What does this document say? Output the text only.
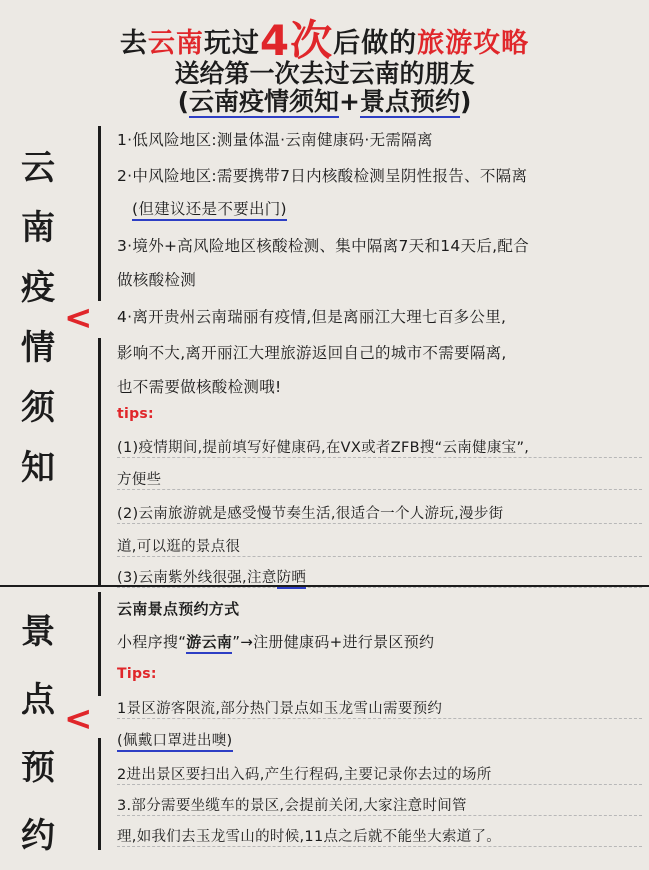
去云南玩过4次后做的旅游攻略
送给第一次去过云南的朋友
(云南疫情须知+景点预约)
云
南
疫
情
须
知
<
1·低风险地区:测量体温·云南健康码·无需隔离
2·中风险地区:需要携带7日内核酸检测呈阴性报告、不隔离
(但建议还是不要出门)
3·境外+高风险地区核酸检测、集中隔离7天和14天后,配合
做核酸检测
4·离开贵州云南瑞丽有疫情,但是离丽江大理七百多公里,
影响不大,离开丽江大理旅游返回自己的城市不需要隔离,
也不需要做核酸检测哦!
tips:
(1)疫情期间,提前填写好健康码,在VX或者ZFB搜“云南健康宝”,
方便些
(2)云南旅游就是感受慢节奏生活,很适合一个人游玩,漫步街
道,可以逛的景点很
(3)云南紫外线很强,注意防晒
景
点
预
约
<
云南景点预约方式
小程序搜“游云南”→注册健康码+进行景区预约
Tips:
1景区游客限流,部分热门景点如玉龙雪山需要预约
(佩戴口罩进出噢)
2进出景区要扫出入码,产生行程码,主要记录你去过的场所
3.部分需要坐缆车的景区,会提前关闭,大家注意时间管
理,如我们去玉龙雪山的时候,11点之后就不能坐大索道了。
